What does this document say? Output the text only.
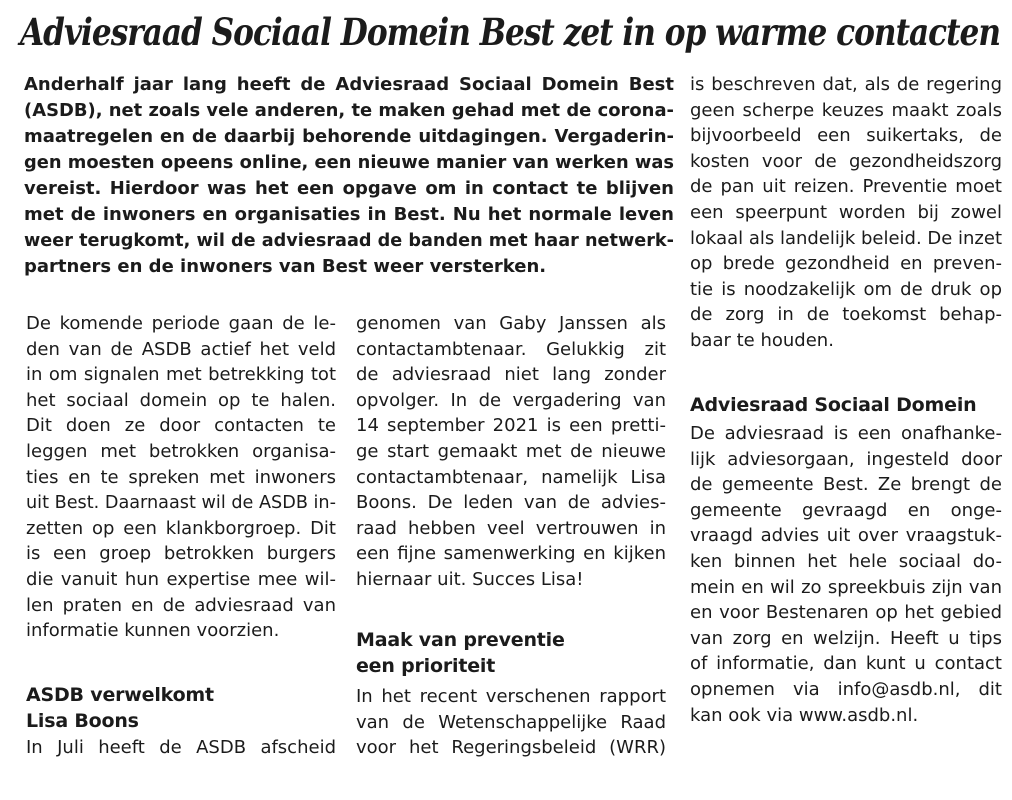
Adviesraad Sociaal Domein Best zet in op warme contacten
Anderhalf jaar lang heeft de Adviesraad Sociaal Domein Best
(ASDB), net zoals vele anderen, te maken gehad met de corona-
maatregelen en de daarbij behorende uitdagingen. Vergaderin-
gen moesten opeens online, een nieuwe manier van werken was
vereist. Hierdoor was het een opgave om in contact te blijven
met de inwoners en organisaties in Best. Nu het normale leven
weer terugkomt, wil de adviesraad de banden met haar netwerk-
partners en de inwoners van Best weer versterken.
De komende periode gaan de le-
den van de ASDB actief het veld
in om signalen met betrekking tot
het sociaal domein op te halen.
Dit doen ze door contacten te
leggen met betrokken organisa-
ties en te spreken met inwoners
uit Best. Daarnaast wil de ASDB in-
zetten op een klankborgroep. Dit
is een groep betrokken burgers
die vanuit hun expertise mee wil-
len praten en de adviesraad van
informatie kunnen voorzien.
ASDB verwelkomt
Lisa Boons
In Juli heeft de ASDB afscheid
genomen van Gaby Janssen als
contactambtenaar. Gelukkig zit
de adviesraad niet lang zonder
opvolger. In de vergadering van
14 september 2021 is een pretti-
ge start gemaakt met de nieuwe
contactambtenaar, namelijk Lisa
Boons. De leden van de advies-
raad hebben veel vertrouwen in
een fijne samenwerking en kijken
hiernaar uit. Succes Lisa!
Maak van preventie
een prioriteit
In het recent verschenen rapport
van de Wetenschappelijke Raad
voor het Regeringsbeleid (WRR)
is beschreven dat, als de regering
geen scherpe keuzes maakt zoals
bijvoorbeeld een suikertaks, de
kosten voor de gezondheidszorg
de pan uit reizen. Preventie moet
een speerpunt worden bij zowel
lokaal als landelijk beleid. De inzet
op brede gezondheid en preven-
tie is noodzakelijk om de druk op
de zorg in de toekomst behap-
baar te houden.
Adviesraad Sociaal Domein
De adviesraad is een onafhanke-
lijk adviesorgaan, ingesteld door
de gemeente Best. Ze brengt de
gemeente gevraagd en onge-
vraagd advies uit over vraagstuk-
ken binnen het hele sociaal do-
mein en wil zo spreekbuis zijn van
en voor Bestenaren op het gebied
van zorg en welzijn. Heeft u tips
of informatie, dan kunt u contact
opnemen via info@asdb.nl, dit
kan ook via www.asdb.nl.
